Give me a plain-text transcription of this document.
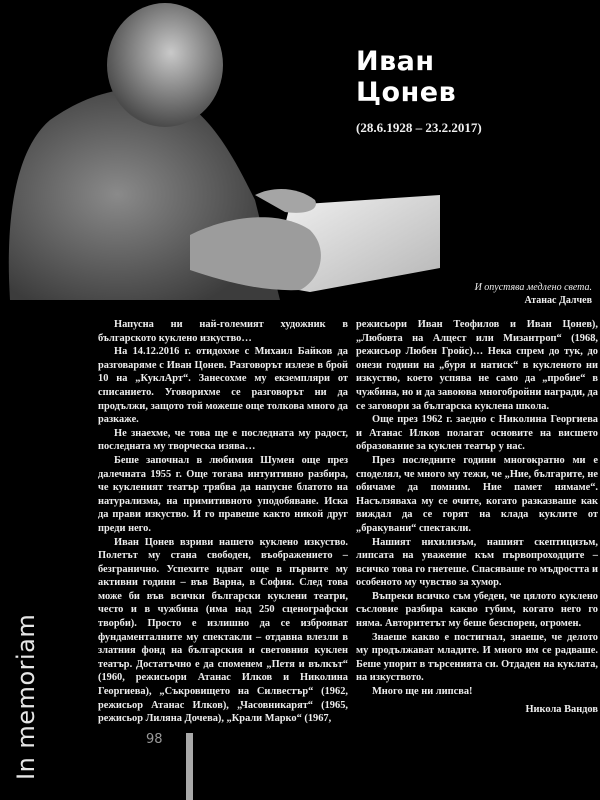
Иван
Цонев
(28.6.1928 – 23.2.2017)
И опустява медлено света.
Атанас Далчев

Напусна ни най-големият художник в българското куклено изкуство…

На 14.12.2016 г. отидохме с Михаил Байков да разговаряме с Иван Цонев. Разговорът излезе в брой 10 на „КуклАрт“. Занесохме му екземпляри от списанието. Уговорихме се разговорът ни да продължи, защото той можеше още толкова много да разкаже.

Не знаехме, че това ще е последната му радост, последната му творческа изява…

Беше започнал в любимия Шумен още през далечната 1955 г. Още тогава интуитивно разбира, че кукленият театър трябва да напусне блатото на натурализма, на примитивното уподобяване. Иска да прави изкуство. И го правеше както никой друг преди него.

Иван Цонев взриви нашето куклено изкуство. Полетът му стана свободен, въображението – безгранично. Успехите идват още в първите му активни години – във Варна, в София. След това може би във всички български куклени театри, често и в чужбина (има над 250 сценографски творби). Просто е излишно да се изброяват фундаменталните му спектакли – отдавна влезли в златния фонд на българския и световния куклен театър. Достатъчно е да споменем „Петя и вълкът“ (1960, режисьори Атанас Илков и Николина Георгиева), „Съкровището на Силвестър“ (1962, режисьор Атанас Илков), „Часовникарят“ (1965, режисьор Лиляна Дочева), „Крали Марко“ (1967,

режисьори Иван Теофилов и Иван Цонев), „Любовта на Алцест или Мизантроп“ (1968, режисьор Любен Гройс)… Нека спрем до тук, до онези години на „буря и натиск“ в кукленото ни изкуство, което успява не само да „пробие“ в чужбина, но и да завоюва многобройни награди, да се заговори за българска куклена школа.

Още през 1962 г. заедно с Николина Георгиева и Атанас Илков полагат основите на висшето образование за куклен театър у нас.

През последните години многократно ми е споделял, че много му тежи, че „Ние, българите, не обичаме да помним. Ние памет нямаме“. Насълзяваха му се очите, когато разказваше как виждал да се горят на клада куклите от „бракувани“ спектакли.

Нашият нихилизъм, нашият скептицизъм, липсата на уважение към първопроходците – всичко това го гнетеше. Спасяваше го мъдростта и особеното му чувство за хумор.

Въпреки всичко съм убеден, че цялото куклено съсловие разбира какво губим, когато него го няма. Авторитетът му беше безспорен, огромен.

Знаеше какво е постигнал, знаеше, че делото му продължават младите. И много им се радваше. Беше упорит в търсенията си. Отдаден на куклата, на изкуството.

Много ще ни липсва!

Никола Вандов
In memoriam	98
